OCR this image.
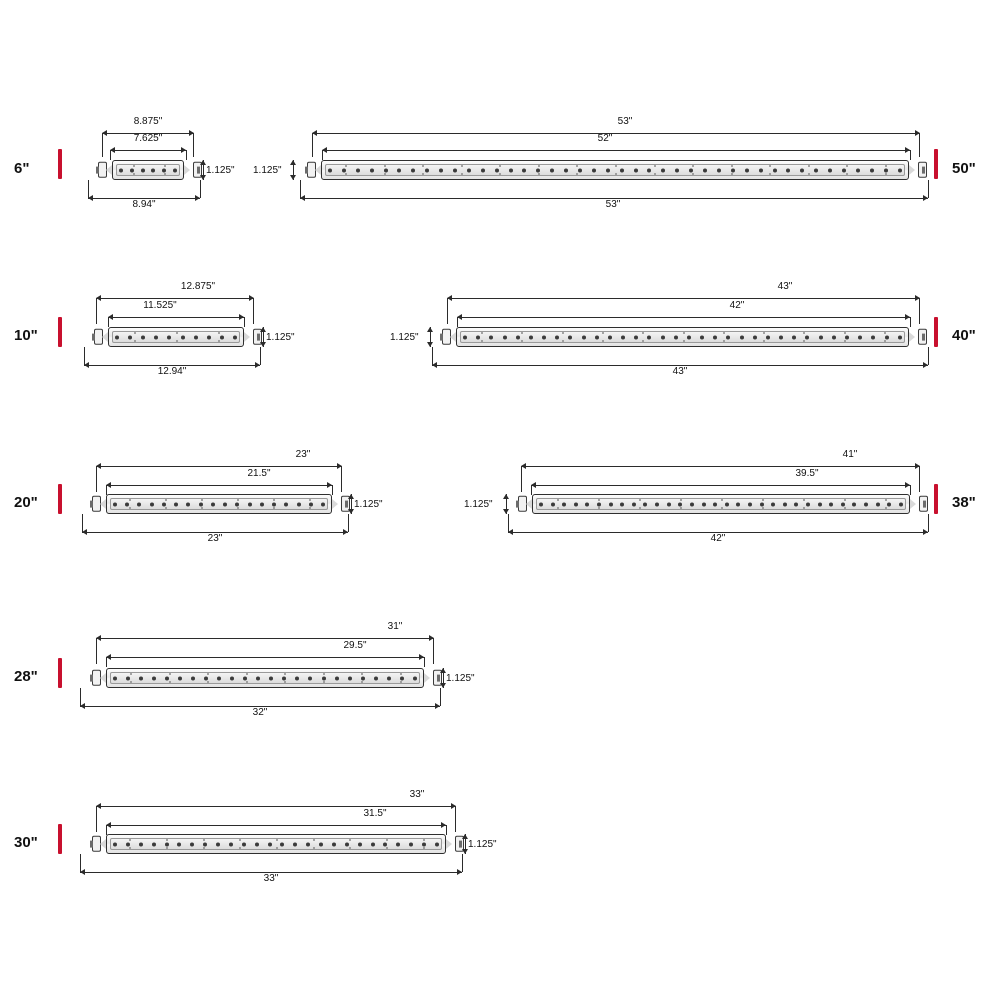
6"
8.875"
7.625"
1.125"
8.94"
50"
53"
52"
1.125"
53"
10"
12.875"
11.525"
1.125"
12.94"
40"
43"
42"
1.125"
43"
20"
23"
21.5"
1.125"
23"
38"
41"
39.5"
1.125"
42"
28"
31"
29.5"
1.125"
32"
30"
33"
31.5"
1.125"
33"
